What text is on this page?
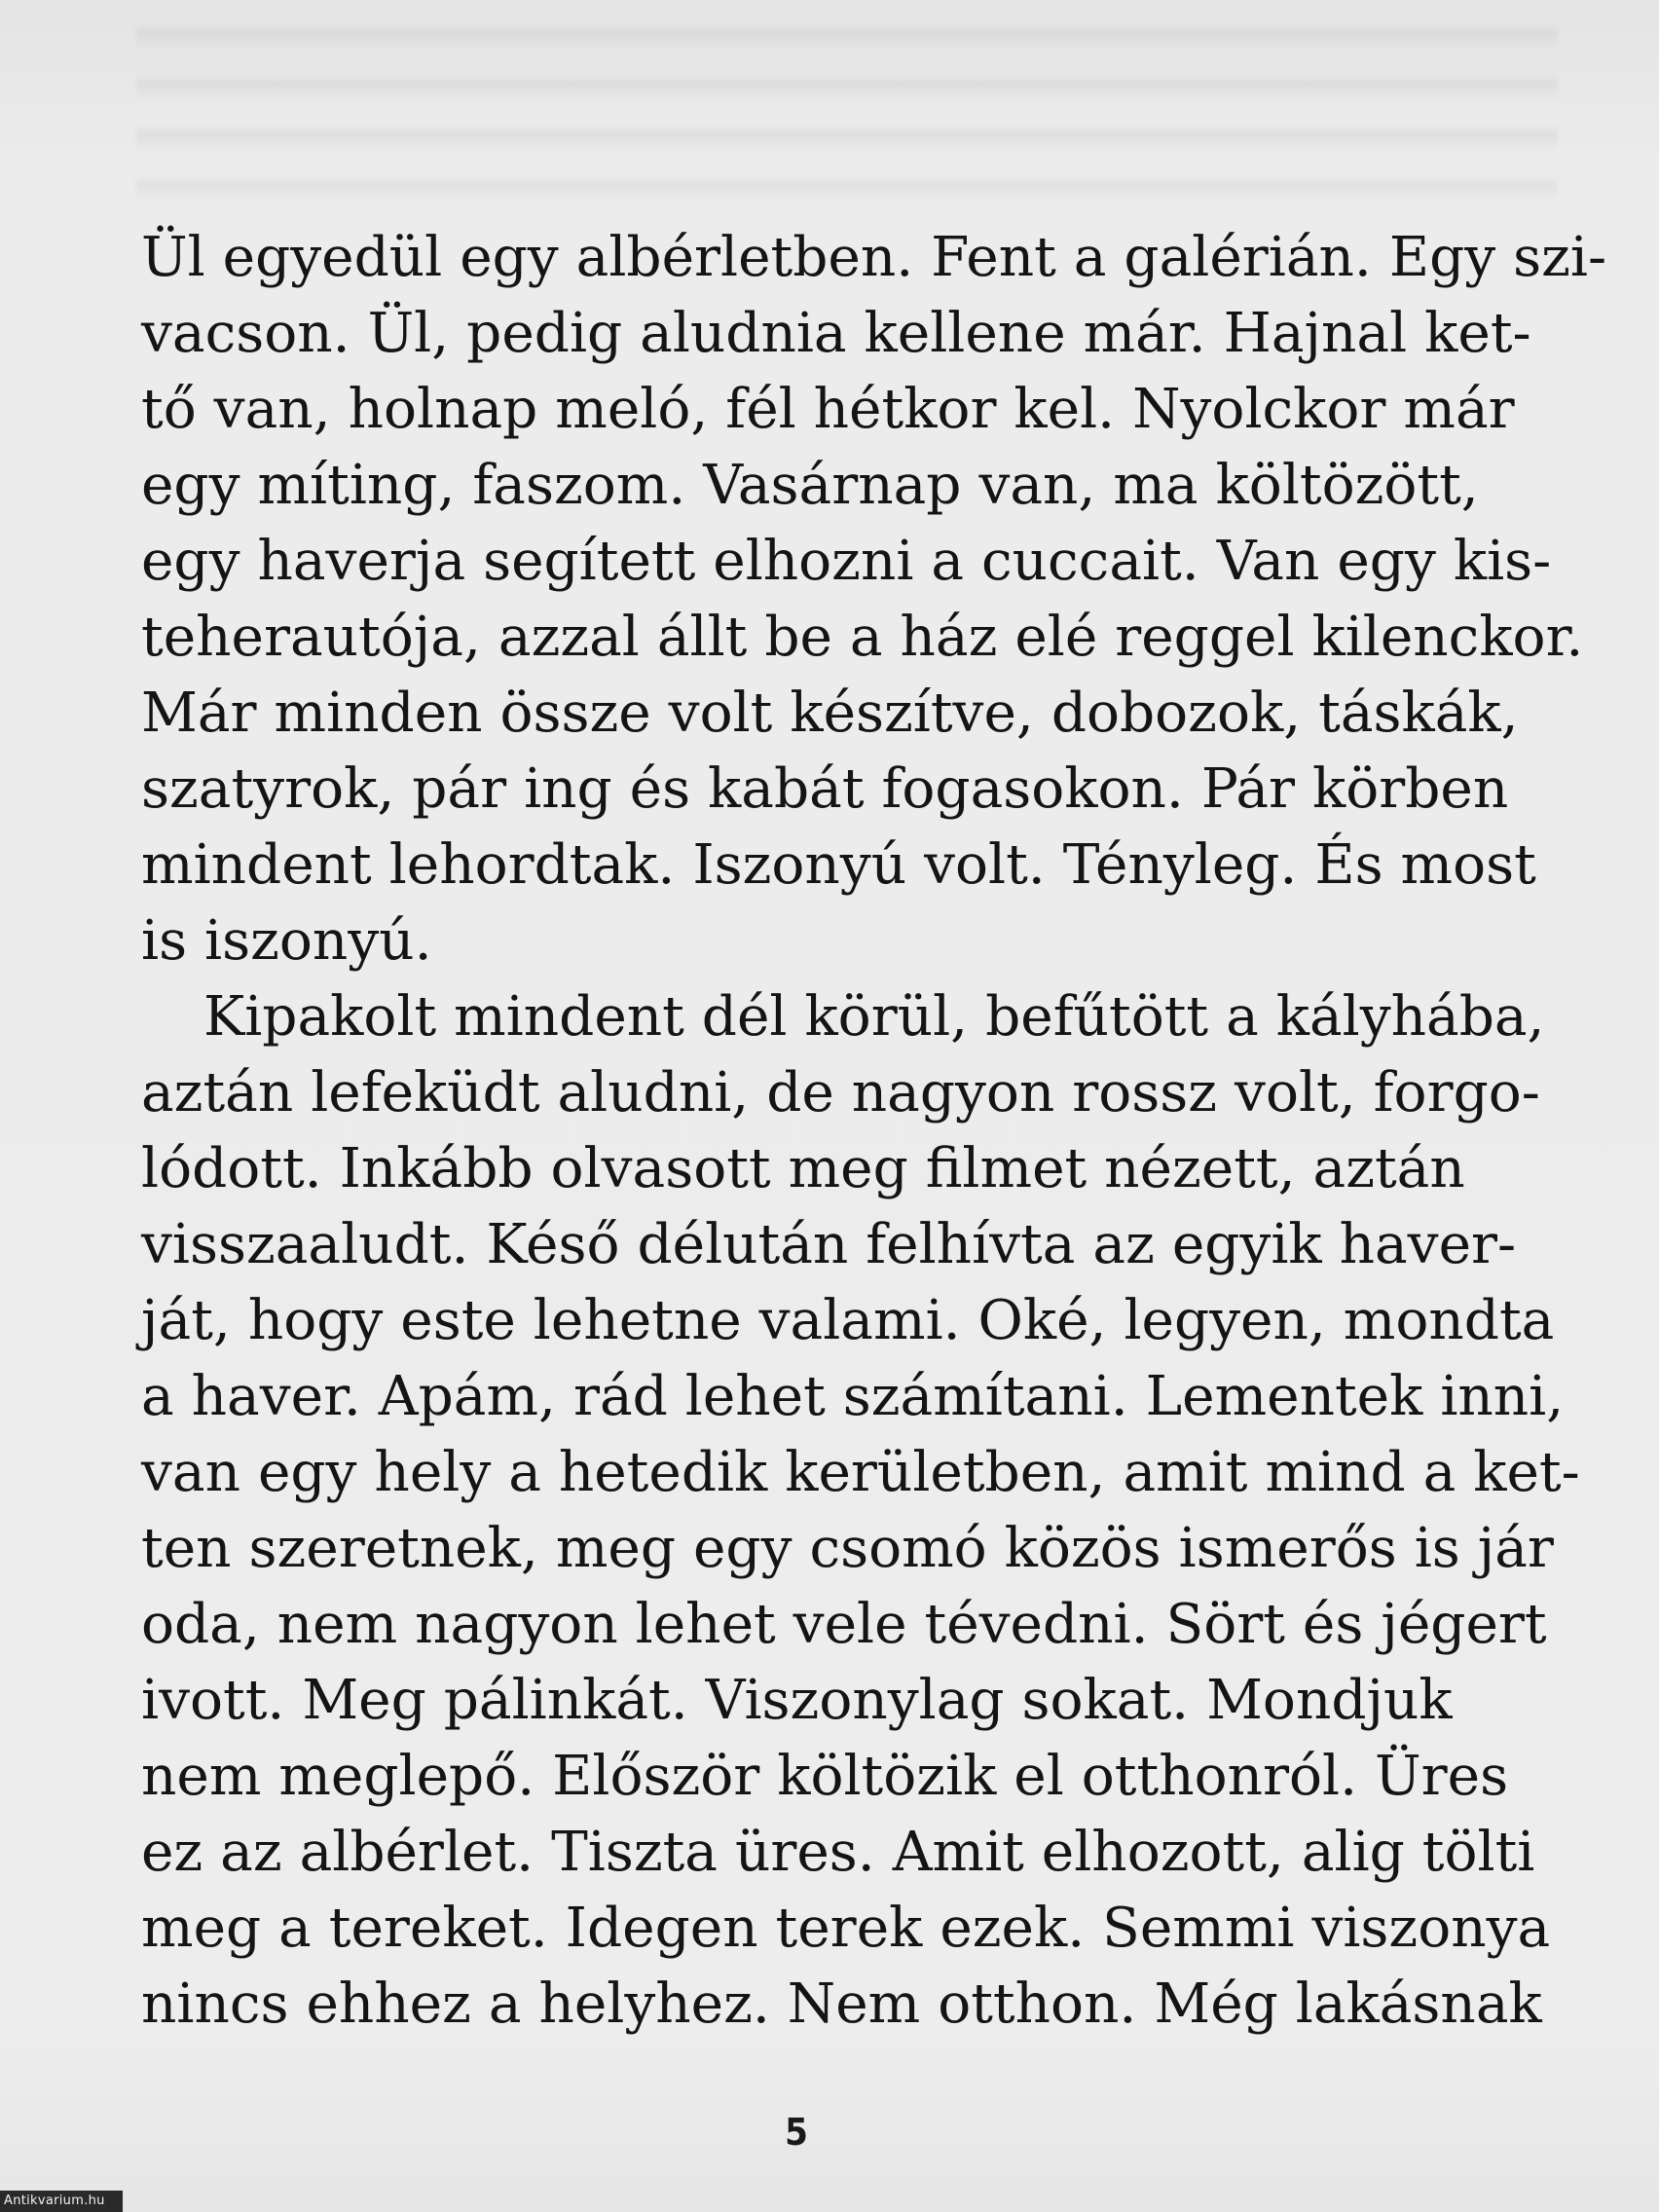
Ül egyedül egy albérletben. Fent a galérián. Egy szi-
vacson. Ül, pedig aludnia kellene már. Hajnal ket-
tő van, holnap meló, fél hétkor kel. Nyolckor már
egy míting, faszom. Vasárnap van, ma költözött,
egy haverja segített elhozni a cuccait. Van egy kis-
teherautója, azzal állt be a ház elé reggel kilenckor.
Már minden össze volt készítve, dobozok, táskák,
szatyrok, pár ing és kabát fogasokon. Pár körben
mindent lehordtak. Iszonyú volt. Tényleg. És most
is iszonyú.
Kipakolt mindent dél körül, befűtött a kályhába,
aztán lefeküdt aludni, de nagyon rossz volt, forgo-
lódott. Inkább olvasott meg filmet nézett, aztán
visszaaludt. Késő délután felhívta az egyik haver-
ját, hogy este lehetne valami. Oké, legyen, mondta
a haver. Apám, rád lehet számítani. Lementek inni,
van egy hely a hetedik kerületben, amit mind a ket-
ten szeretnek, meg egy csomó közös ismerős is jár
oda, nem nagyon lehet vele tévedni. Sört és jégert
ivott. Meg pálinkát. Viszonylag sokat. Mondjuk
nem meglepő. Először költözik el otthonról. Üres
ez az albérlet. Tiszta üres. Amit elhozott, alig tölti
meg a tereket. Idegen terek ezek. Semmi viszonya
nincs ehhez a helyhez. Nem otthon. Még lakásnak
5
Antikvarium.hu
